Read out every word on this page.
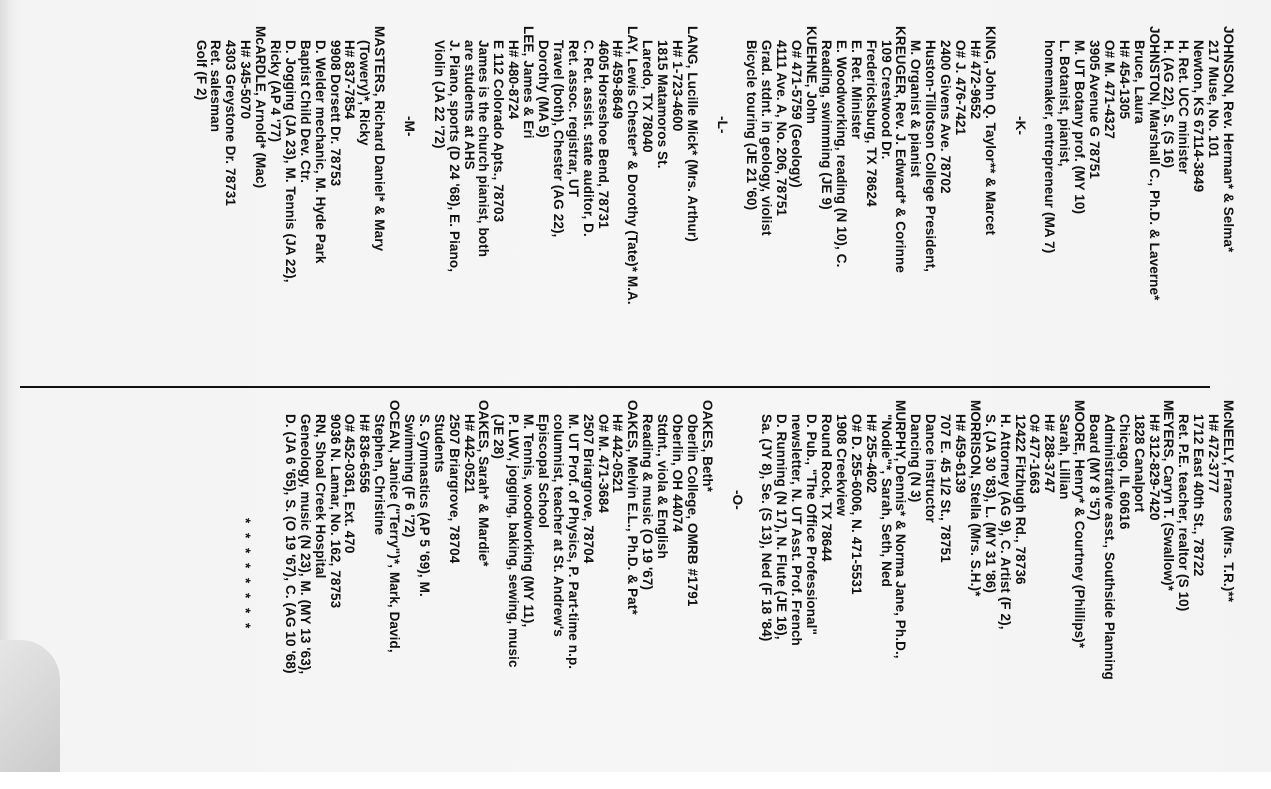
JOHNSON, Rev. Herman* & Selma*
217 Muse, No. 101
Newton, KS 67114-3849
H. Ret. UCC minister
H. (AG 22), S. (S 16)
JOHNSTON, Marshall C., Ph.D. & Laverne*
Bruce, Laura
H# 454-1305
O# M. 471-4327
3905 Avenue G 78751
M. UT Botany prof. (MY 10)
L. Botanist, pianist,
homemaker, entrepreneur (MA 7)
-K-
KING, John Q. Taylor** & Marcet
H# 472-9652
O# J. 476-7421
2400 Givens Ave. 78702
Huston-Tillotson College President,
M. Organist & pianist
KREUGER, Rev. J. Edward* & Corinne
109 Crestwood Dr.
Fredericksburg, TX 78624
E. Ret. Minister
E. Woodworking, reading (N 10), C.
Reading, swimming (JE 9)
KUEHNE, John
O# 471-5759 (Geology)
4111 Ave. A, No. 206, 78751
Grad. stdnt. in geology, violist
Bicycle touring (JE 21 '60)
-L-
LANG, Lucille Mick* (Mrs. Arthur)
H# 1-723-4600
1815 Matamoros St.
Laredo, TX 78040
LAY, Lewis Chester* & Dorothy (Tate)* M.A.
H# 459-8649
4605 Horseshoe Bend, 78731
C. Ret. assist. state auditor, D.
Ret. assoc. registrar, UT
Travel (both), Chester (AG 22),
Dorothy (MA 5)
LEE, James & Eri
H# 480-8724
E 112 Colorado Apts., 78703
James is the church pianist, both
are students at AHS
J. Piano, sports (D 24 '68), E. Piano,
Violin (JA 22 '72)
-M-
MASTERS, Richard Daniel* & Mary
(Towery)*, Ricky
H# 837-7854
9908 Dorsett Dr. 78753
D. Welder mechanic, M. Hyde Park
Baptist Child Dev. Ctr.
D. Jogging (JA 23), M. Tennis (JA 22),
Ricky (AP 4 '77)
McARDLE, Arnold* (Mac)
H# 345-5070
4303 Greystone Dr. 78731
Ret. salesman
Golf (F 2)
McNEELY, Frances (Mrs. T.R.)**
H# 472-3777
1712 East 40th St., 78722
Ret. P.E. teacher, realtor (S 10)
MEYERS, Caryn T. (Swallow)*
H# 312-829-7420
1828 Canalport
Chicago, IL 60616
Administrative asst., Southside Planning
Board (MY 8 '57)
MOORE, Henry* & Courtney (Phillips)*
Sarah, Lillian
H# 288-3747
O# 477-1663
12422 Fitzhugh Rd., 78736
H. Attorney (AG 9), C. Artist (F 2),
S. (JA 30 '83), L. (MY 31 '86)
MORRISON, Stella (Mrs. S.H.)*
H# 459-6139
707 E. 45 1/2 St., 78751
Dance instructor
Dancing (N 3)
MURPHY, Dennis* & Norma Jane, Ph.D.,
"Nodie"*, Sarah, Seth, Ned
H# 255-4602
O# D. 255-6006, N. 471-5531
1908 Creekview
Round Rock, TX 78644
D. Pub., "The Office Professional"
newsletter, N. UT Asst. Prof. French
D. Running (N 17), N. Flute (JE 16),
Sa. (JY 8), Se. (S 13), Ned (F 18 '84)
-O-
OAKES, Beth*
Oberlin College, OMRB #1791
Oberlin, OH 44074
Stdnt., viola & English
Reading & music (O 19 '67)
OAKES, Melvin E.L., Ph.D. & Pat*
H# 442-0521
O# M. 471-3684
2507 Briargrove, 78704
M. UT Prof. of Physics, P. Part-time n.p.
columnist, teacher at St. Andrew's
Episcopal School
M. Tennis, woodworking (MY 11),
P. LWV, jogging, baking, sewing, music
(JE 28)
OAKES, Sarah* & Mardie*
H# 442-0521
2507 Briargrove, 78704
Students
S. Gymnastics (AP 5 '69), M.
Swimming (F 6 '72)
OCEAN, Janice ("Terry")*, Mark, David,
Stephen, Christine
H# 836-6556
O# 452-0361, Ext. 470
9036 N. Lamar, No. 162, 78753
RN, Shoal Creek Hospital
Geneology, music (N 23), M. (MY 13 '63),
D. (JA 6 '65), S. (O 19 '67), C. (AG 10 '68)
* * * * * * * *
